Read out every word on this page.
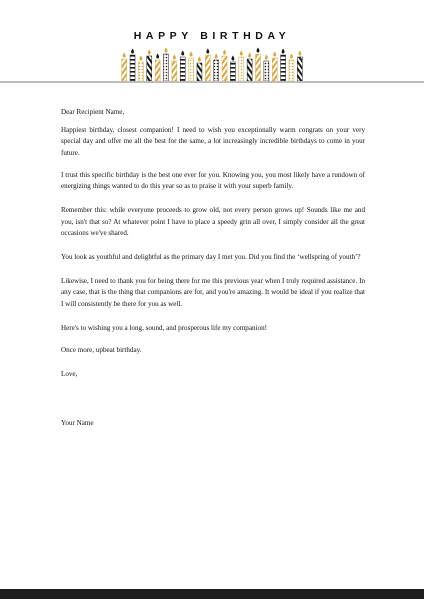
HAPPY BIRTHDAY

Dear Recipient Name,

Happiest birthday, closest companion! I need to wish you exceptionally warm congrats on your very special day and offer me all the best for the same, a lot increasingly incredible birthdays to come in your future.

I trust this specific birthday is the best one ever for you. Knowing you, you most likely have a rundown of energizing things wanted to do this year so as to praise it with your superb family.

Remember this: while everyone proceeds to grow old, not every person grows up! Sounds like me and you, isn't that so? At whatever point I have to place a speedy grin all over, I simply consider all the great occasions we've shared.

You look as youthful and delightful as the primary day I met you. Did you find the ‘wellspring of youth’?

Likewise, I need to thank you for being there for me this previous year when I truly required assistance. In any case, that is the thing that companions are for, and you're amazing. It would be ideal if you realize that I will consistently be there for you as well.

Here's to wishing you a long, sound, and prosperous life my companion!

Once more, upbeat birthday.

Love,

Your Name
